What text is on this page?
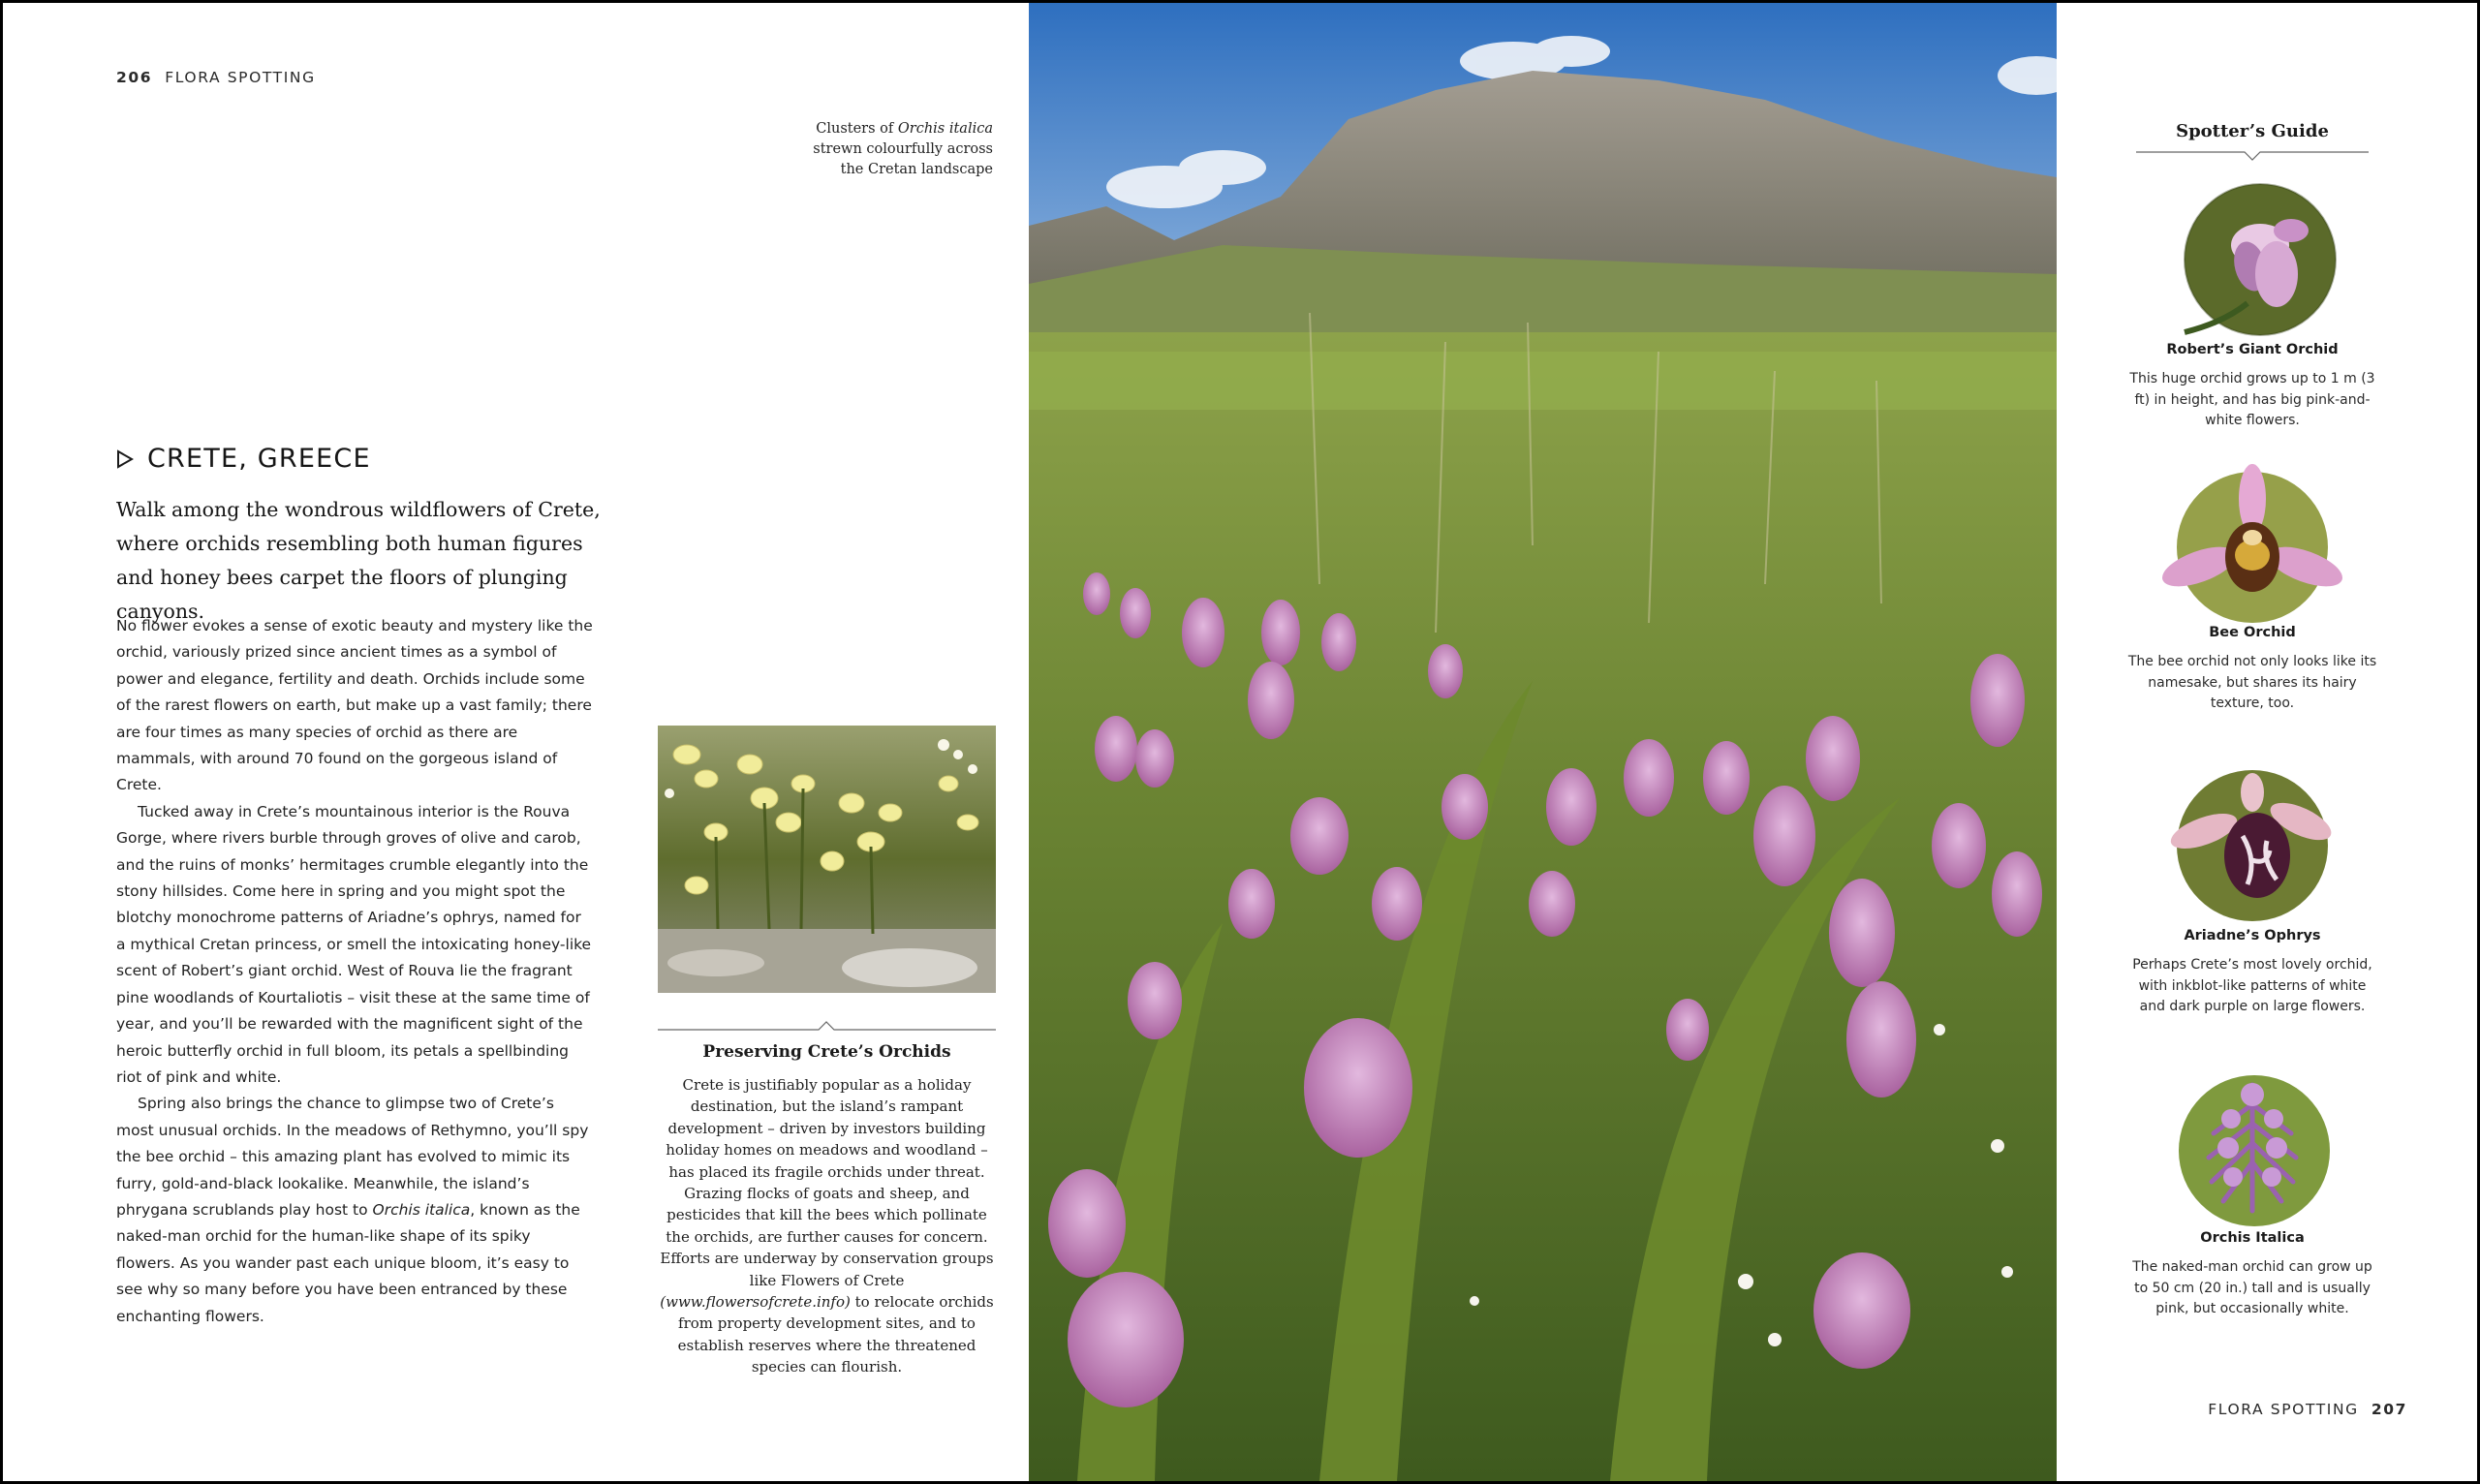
206 FLORA SPOTTING
Clusters of Orchis italica
strewn colourfully across
the Cretan landscape
CRETE, GREECE
Walk among the wondrous wildflowers of Crete, where orchids resembling both human figures and honey bees carpet the floors of plunging canyons.

No flower evokes a sense of exotic beauty and mystery like the orchid, variously prized since ancient times as a symbol of power and elegance, fertility and death. Orchids include some of the rarest flowers on earth, but make up a vast family; there are four times as many species of orchid as there are mammals, with around 70 found on the gorgeous island of Crete.

Tucked away in Crete’s mountainous interior is the Rouva Gorge, where rivers burble through groves of olive and carob, and the ruins of monks’ hermitages crumble elegantly into the stony hillsides. Come here in spring and you might spot the blotchy monochrome patterns of Ariadne’s ophrys, named for a mythical Cretan princess, or smell the intoxicating honey-like scent of Robert’s giant orchid. West of Rouva lie the fragrant pine woodlands of Kourtaliotis – visit these at the same time of year, and you’ll be rewarded with the magnificent sight of the heroic butterfly orchid in full bloom, its petals a spellbinding riot of pink and white.

Spring also brings the chance to glimpse two of Crete’s most unusual orchids. In the meadows of Rethymno, you’ll spy the bee orchid – this amazing plant has evolved to mimic its furry, gold-and-black lookalike. Meanwhile, the island’s phrygana scrublands play host to Orchis italica, known as the naked-man orchid for the human-like shape of its spiky flowers. As you wander past each unique bloom, it’s easy to see why so many before you have been entranced by these enchanting flowers.

Preserving Crete’s Orchids
Crete is justifiably popular as a holiday destination, but the island’s rampant development – driven by investors building holiday homes on meadows and woodland – has placed its fragile orchids under threat. Grazing flocks of goats and sheep, and pesticides that kill the bees which pollinate the orchids, are further causes for concern. Efforts are underway by conservation groups like Flowers of Crete (www.flowersofcrete.info) to relocate orchids from property development sites, and to establish reserves where the threatened species can flourish.
Spotter’s Guide
Robert’s Giant Orchid
This huge orchid grows up to 1 m (3 ft) in height, and has big pink-and-white flowers.
Bee Orchid
The bee orchid not only looks like its namesake, but shares its hairy texture, too.
Ariadne’s Ophrys
Perhaps Crete’s most lovely orchid, with inkblot-like patterns of white and dark purple on large flowers.
Orchis Italica
The naked-man orchid can grow up to 50 cm (20 in.) tall and is usually pink, but occasionally white.
FLORA SPOTTING 207
